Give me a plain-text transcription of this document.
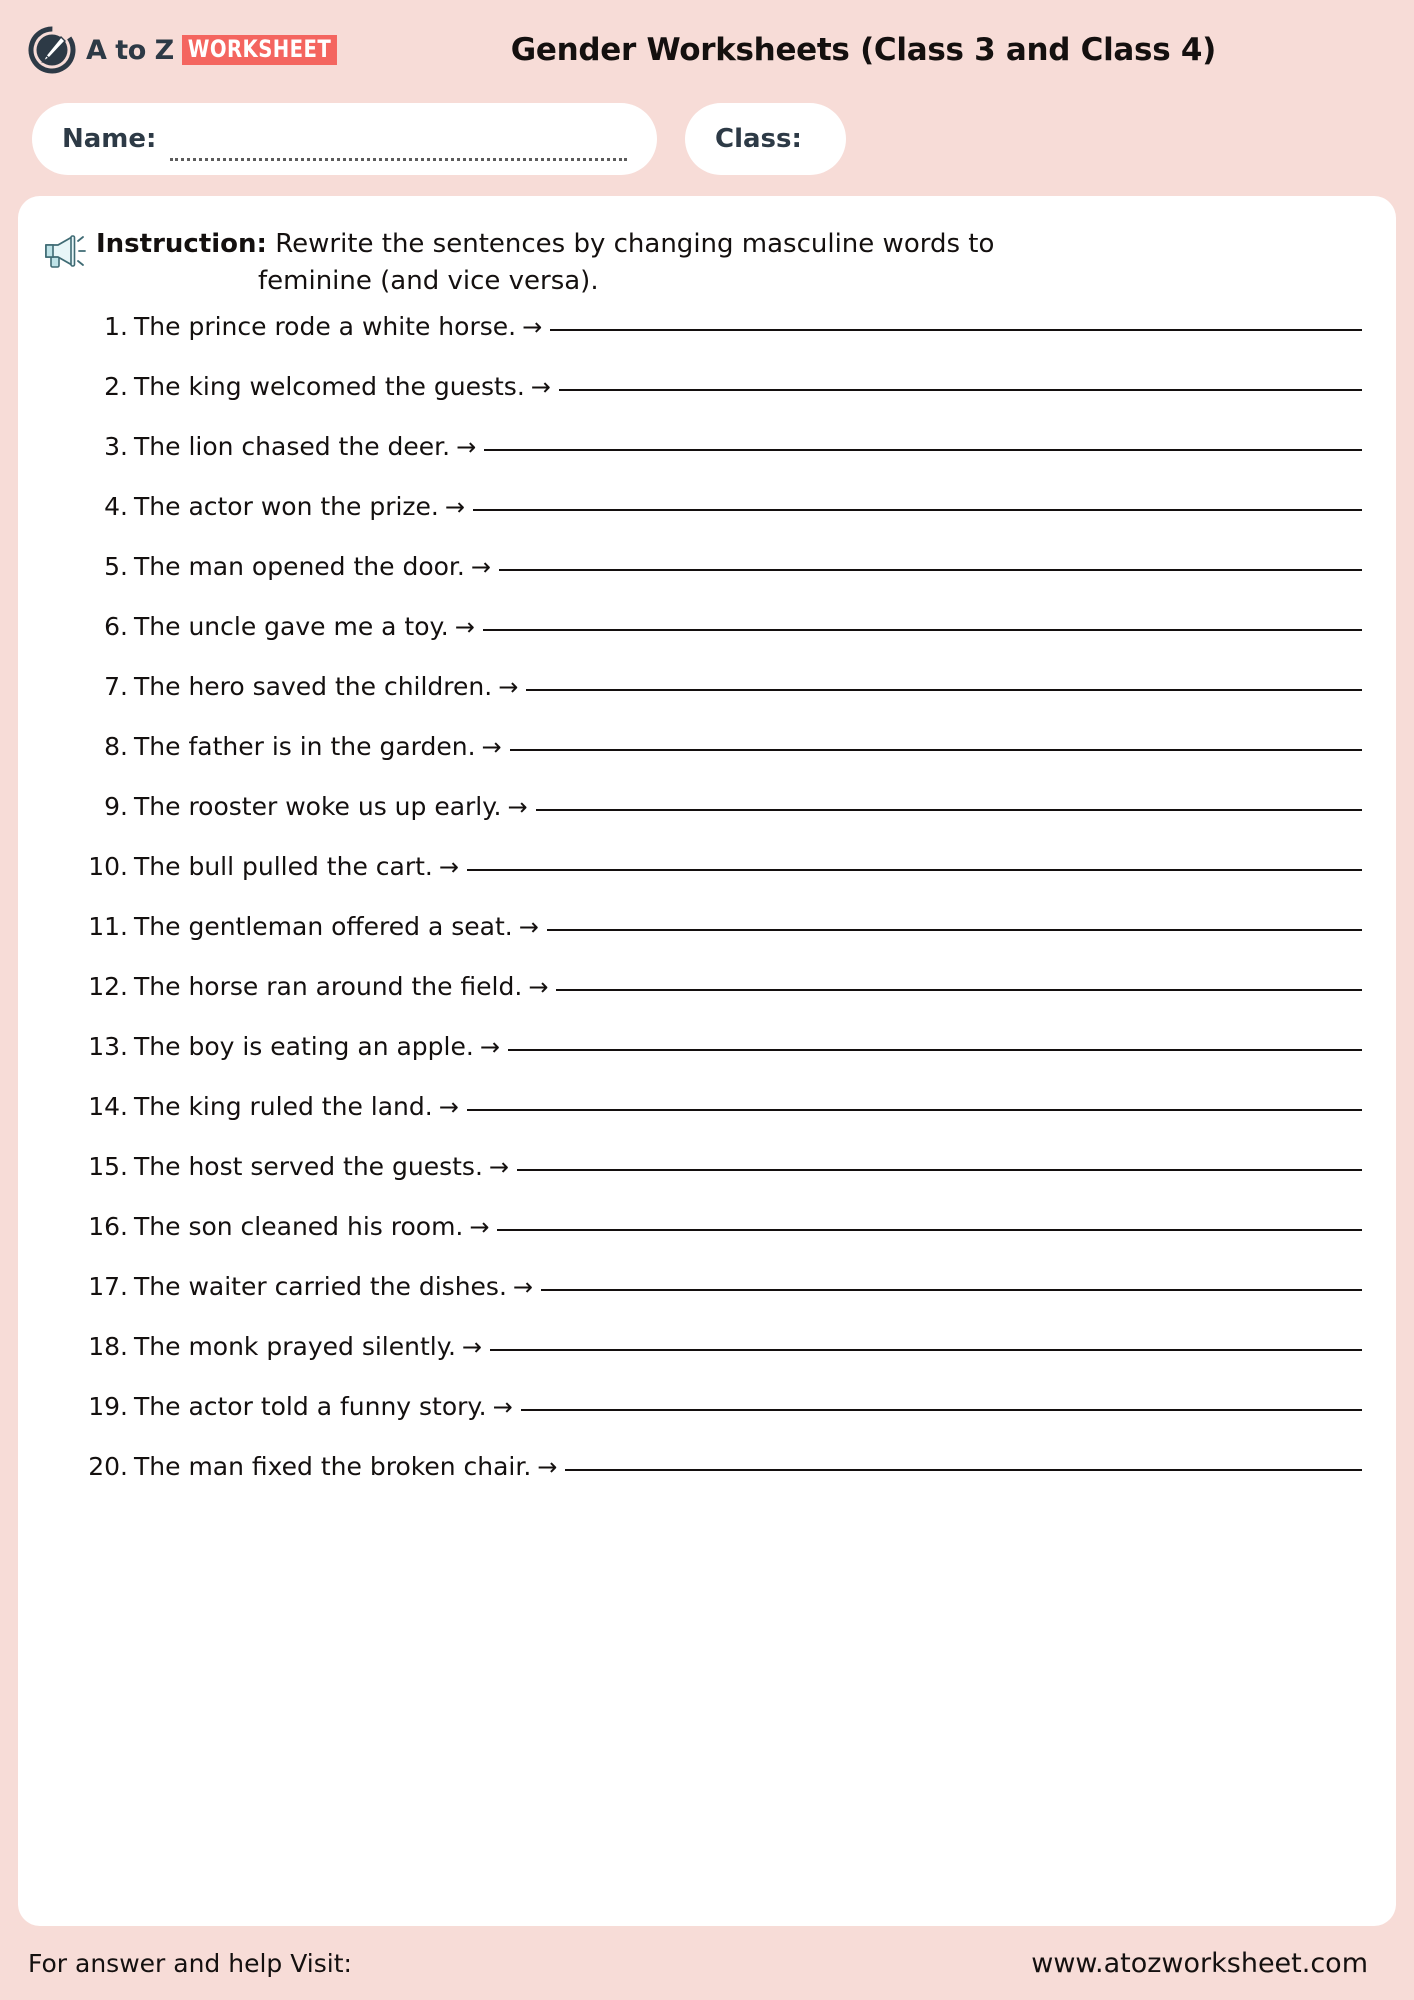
A to Z WORKSHEET	Gender Worksheets (Class 3 and Class 4)
Name:	Class:
Instruction: Rewrite the sentences by changing masculine words to
feminine (and vice versa).
1. The prince rode a white horse. →
2. The king welcomed the guests. →
3. The lion chased the deer. →
4. The actor won the prize. →
5. The man opened the door. →
6. The uncle gave me a toy. →
7. The hero saved the children. →
8. The father is in the garden. →
9. The rooster woke us up early. →
10. The bull pulled the cart. →
11. The gentleman offered a seat. →
12. The horse ran around the field. →
13. The boy is eating an apple. →
14. The king ruled the land. →
15. The host served the guests. →
16. The son cleaned his room. →
17. The waiter carried the dishes. →
18. The monk prayed silently. →
19. The actor told a funny story. →
20. The man fixed the broken chair. →
For answer and help Visit:	www.atozworksheet.com
